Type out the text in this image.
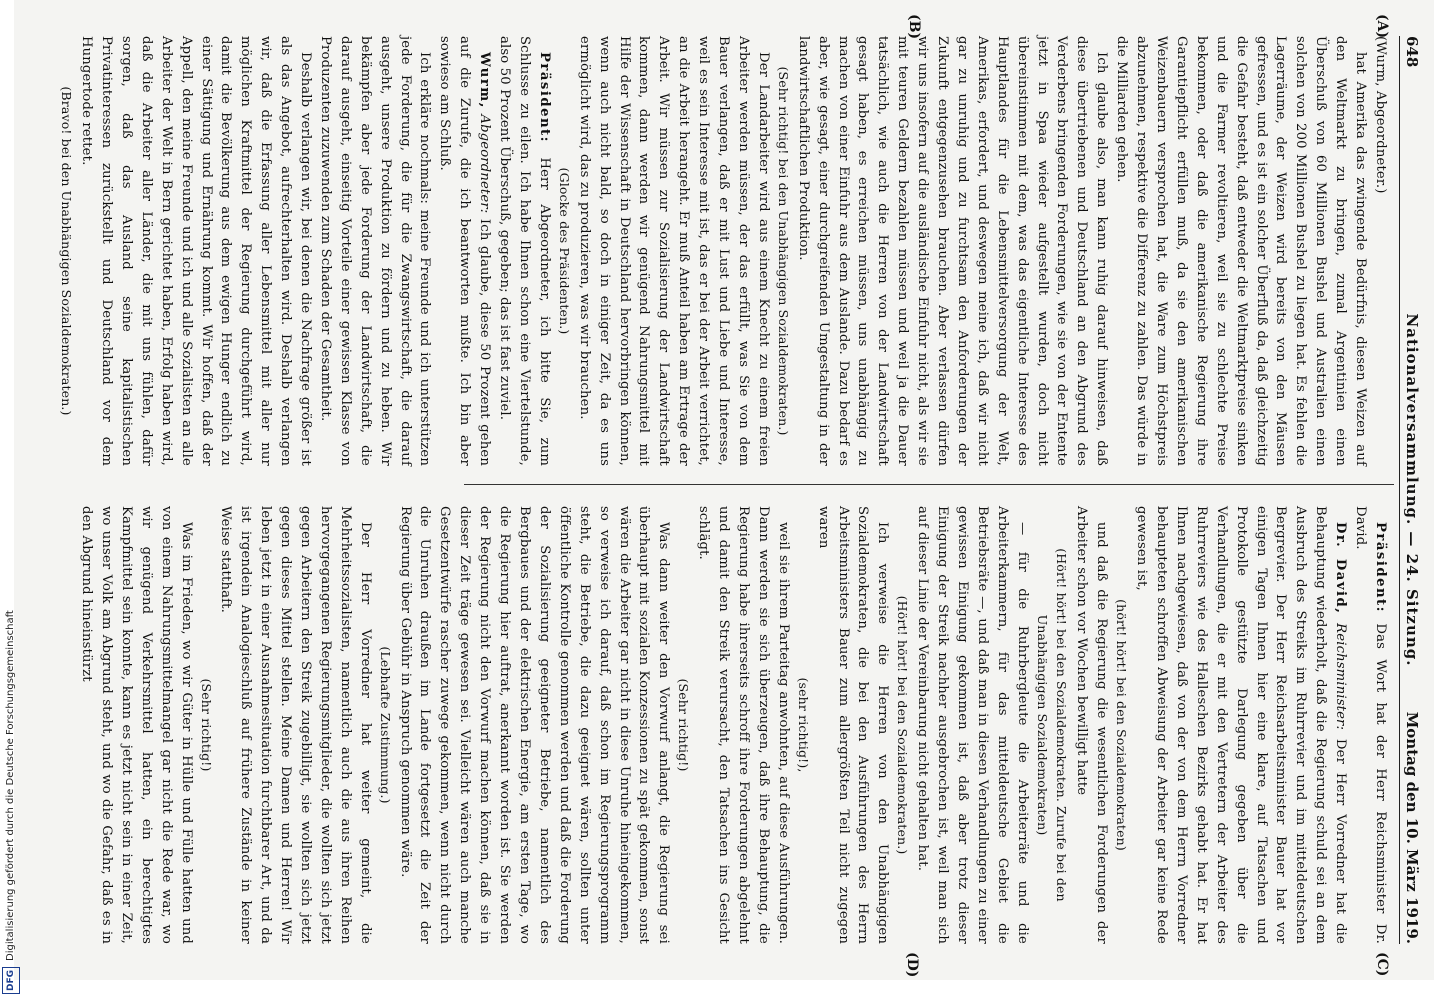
648
Nationalversammlung. — 24. Sitzung.
Montag den 10. März 1919.
(A)
(B)
(C)
(D)

(Wurm, Abgeordneter.)

hat Amerika das zwingende Bedürfnis, diesen Weizen auf den Weltmarkt zu bringen, zumal Argentinien einen Überschuß von 60 Millionen Bushel und Australien einen solchen von 200 Millionen Bushel zu liegen hat. Es fehlen die Lagerräume, der Weizen wird bereits von den Mäusen gefressen, und es ist ein solcher Überfluß da, daß gleichzeitig die Gefahr besteht, daß entweder die Weltmarktpreise sinken und die Farmer revoltieren, weil sie zu schlechte Preise bekommen, oder daß die amerikanische Regierung ihre Garantiepflicht erfüllen muß, da sie den amerikanischen Weizenbauern versprochen hat, die Ware zum Höchstpreis abzunehmen, respektive die Differenz zu zahlen. Das würde in die Milliarden gehen.

Ich glaube also, man kann ruhig darauf hinweisen, daß diese übertriebenen und Deutschland an den Abgrund des Verderbens bringenden Forderungen, wie sie von der Entente jetzt in Spaa wieder aufgestellt wurden, doch nicht übereinstimmen mit dem, was das eigentliche Interesse des Hauptlandes für die Lebensmittelversorgung der Welt, Amerikas, erfordert, und deswegen meine ich, daß wir nicht gar zu unruhig und zu furchtsam den Anforderungen der Zukunft entgegenzusehen brauchen. Aber verlassen dürfen wir uns insofern auf die ausländische Einfuhr nicht, als wir sie mit teuren Geldern bezahlen müssen und weil ja die Dauer tatsächlich, wie auch die Herren von der Landwirtschaft gesagt haben, es erreichen müssen, uns unabhängig zu machen von einer Einfuhr aus dem Auslande. Dazu bedarf es aber, wie gesagt, einer durchgreifenden Umgestaltung in der landwirtschaftlichen Produktion.

(Sehr richtig! bei den Unabhängigen Sozialdemokraten.)

Der Landarbeiter wird aus einem Knecht zu einem freien Arbeiter werden müssen, der das erfüllt, was Sie von dem Bauer verlangen, daß er mit Lust und Liebe und Interesse, weil es sein Interesse mit ist, das er bei der Arbeit verrichtet, an die Arbeit herangeht. Er muß Anteil haben am Ertrage der Arbeit. Wir müssen zur Sozialisierung der Landwirtschaft kommen, dann werden wir genügend Nahrungsmittel mit Hilfe der Wissenschaft in Deutschland hervorbringen können, wenn auch nicht bald, so doch in einiger Zeit, da es uns ermöglicht wird, das zu produzieren, was wir brauchen.

(Glocke des Präsidenten.)

Präsident: Herr Abgeordneter, ich bitte Sie, zum Schlusse zu eilen. Ich habe Ihnen schon eine Viertelstunde, also 50 Prozent Überschuß, gegeben; das ist fast zuviel.

Wurm, Abgeordneter: Ich glaube, diese 50 Prozent gehen auf die Zurufe, die ich beantworten mußte. Ich bin aber sowieso am Schluß.

Ich erkläre nochmals: meine Freunde und ich unterstützen jede Forderung, die für die Zwangswirtschaft, die darauf ausgeht, unsere Produktion zu fördern und zu heben. Wir bekämpfen aber jede Forderung der Landwirtschaft, die darauf ausgeht, einseitig Vorteile einer gewissen Klasse von Produzenten zuzuwenden zum Schaden der Gesamtheit.

Deshalb verlangen wir, bei denen die Nachfrage größer ist als das Angebot, aufrechterhalten wird. Deshalb verlangen wir, daß die Erfassung aller Lebensmittel mit aller nur möglichen Kraftmittel der Regierung durchgeführt wird, damit die Bevölkerung aus dem ewigen Hunger endlich zu einer Sättigung und Ernährung kommt. Wir hoffen, daß der Appell, den meine Freunde und ich und alle Sozialisten an alle Arbeiter der Welt in Bern gerichtet haben, Erfolg haben wird, daß die Arbeiter aller Länder, die mit uns fühlen, dafür sorgen, daß das Ausland seine kapitalistischen Privatinteressen zurückstellt und Deutschland vor dem Hungertode rettet.

(Bravo! bei den Unabhängigen Sozialdemokraten.)

Präsident: Das Wort hat der Herr Reichsminister Dr. David.

Dr. David, Reichsminister: Der Herr Vorredner hat die Behauptung wiederholt, daß die Regierung schuld sei an dem Ausbruch des Streiks im Ruhrrevier und im mitteldeutschen Bergrevier. Der Herr Reichsarbeitsminister Bauer hat vor einigen Tagen Ihnen hier eine klare, auf Tatsachen und Protokolle gestützte Darlegung gegeben über die Verhandlungen, die er mit den Vertretern der Arbeiter des Ruhrreviers wie des Halleschen Bezirks gehabt hat. Er hat Ihnen nachgewiesen, daß von der von dem Herrn Vorredner behaupteten schroffen Abweisung der Arbeiter gar keine Rede gewesen ist,

(hört! hört! bei den Sozialdemokraten)

und daß die Regierung die wesentlichen Forderungen der Arbeiter schon vor Wochen bewilligt hatte

(Hört! hört! bei den Sozialdemokraten. Zurufe bei den Unabhängigen Sozialdemokraten)

— für die Ruhrbergleute die Arbeiterräte und die Arbeiterkammern, für das mitteldeutsche Gebiet die Betriebsräte —, und daß man in diesen Verhandlungen zu einer gewissen Einigung gekommen ist, daß aber trotz dieser Einigung der Streik nachher ausgebrochen ist, weil man sich auf dieser Linie der Vereinbarung nicht gehalten hat.

(Hört! hört! bei den Sozialdemokraten.)

Ich verweise die Herren von den Unabhängigen Sozialdemokraten, die bei den Ausführungen des Herrn Arbeitsministers Bauer zum allergrößten Teil nicht zugegen waren

(sehr richtig!),

weil sie ihrem Parteitag anwohnten, auf diese Ausführungen. Dann werden sie sich überzeugen, daß ihre Behauptung, die Regierung habe ihrerseits schroff ihre Forderungen abgelehnt und damit den Streik verursacht, den Tatsachen ins Gesicht schlägt.

(Sehr richtig!)

Was dann weiter den Vorwurf anlangt, die Regierung sei überhaupt mit sozialen Konzessionen zu spät gekommen, sonst wären die Arbeiter gar nicht in diese Unruhe hineingekommen, so verweise ich darauf, daß schon im Regierungsprogramm steht, die Betriebe, die dazu geeignet wären, sollten unter öffentliche Kontrolle genommen werden und daß die Forderung der Sozialisierung geeigneter Betriebe, namentlich des Bergbaues und der elektrischen Energie, am ersten Tage, wo die Regierung hier auftrat, anerkannt worden ist. Sie werden der Regierung nicht den Vorwurf machen können, daß sie in dieser Zeit träge gewesen sei. Vielleicht wären auch manche Gesetzentwürfe rascher zuwege gekommen, wenn nicht durch die Unruhen draußen im Lande fortgesetzt die Zeit der Regierung über Gebühr in Anspruch genommen wäre.

(Lebhafte Zustimmung.)

Der Herr Vorredner hat weiter gemeint, die Mehrheitssozialisten, namentlich auch die aus ihren Reihen hervorgegangenen Regierungsmitglieder, die wollten sich jetzt gegen Arbeitern den Streik zugebilligt, sie wollten sich jetzt gegen dieses Mittel stellen. Meine Damen und Herren! Wir leben jetzt in einer Ausnahmesituation furchtbarer Art, und da ist irgendein Analogieschluß auf frühere Zustände in keiner Weise statthaft.

(Sehr richtig!)

Was im Frieden, wo wir Güter in Hülle und Fülle hatten und von einem Nahrungsmittelmangel gar nicht die Rede war, wo wir genügend Verkehrsmittel hatten, ein berechtigtes Kampfmittel sein konnte, kann es jetzt nicht sein in einer Zeit, wo unser Volk am Abgrund steht, und wo die Gefahr, daß es in den Abgrund hineinstürzt

DFGDigitalisierung gefördert durch die Deutsche Forschungsgemeinschaft
